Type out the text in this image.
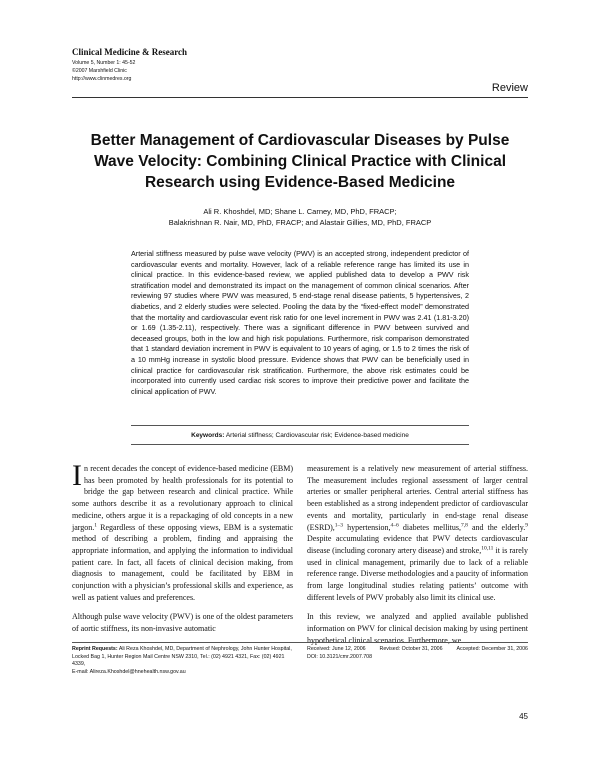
Clinical Medicine & Research
Volume 5, Number 1: 45-52
©2007 Marshfield Clinic
http://www.clinmedres.org
Review
Better Management of Cardiovascular Diseases by Pulse Wave Velocity: Combining Clinical Practice with Clinical Research using Evidence-Based Medicine
Ali R. Khoshdel, MD; Shane L. Carney, MD, PhD, FRACP;
Balakrishnan R. Nair, MD, PhD, FRACP; and Alastair Gillies, MD, PhD, FRACP
Arterial stiffness measured by pulse wave velocity (PWV) is an accepted strong, independent predictor of cardiovascular events and mortality. However, lack of a reliable reference range has limited its use in clinical practice. In this evidence-based review, we applied published data to develop a PWV risk stratification model and demonstrated its impact on the management of common clinical scenarios. After reviewing 97 studies where PWV was measured, 5 end-stage renal disease patients, 5 hypertensives, 2 diabetics, and 2 elderly studies were selected. Pooling the data by the “fixed-effect model” demonstrated that the mortality and cardiovascular event risk ratio for one level increment in PWV was 2.41 (1.81-3.20) or 1.69 (1.35-2.11), respectively. There was a significant difference in PWV between survived and deceased groups, both in the low and high risk populations. Furthermore, risk comparison demonstrated that 1 standard deviation increment in PWV is equivalent to 10 years of aging, or 1.5 to 2 times the risk of a 10 mmHg increase in systolic blood pressure. Evidence shows that PWV can be beneficially used in clinical practice for cardiovascular risk stratification. Furthermore, the above risk estimates could be incorporated into currently used cardiac risk scores to improve their predictive power and facilitate the clinical application of PWV.
Keywords: Arterial stiffness; Cardiovascular risk; Evidence-based medicine
In recent decades the concept of evidence-based medicine (EBM) has been promoted by health professionals for its potential to bridge the gap between research and clinical practice. While some authors describe it as a revolutionary approach to clinical medicine, others argue it is a repackaging of old concepts in a new jargon.$^1$ Regardless of these opposing views, EBM is a systematic method of describing a problem, finding and appraising the appropriate information, and applying the information to individual patient care. In fact, all facets of clinical decision making, from diagnosis to management, could be facilitated by EBM in conjunction with a physician’s professional skills and experience, as well as patient values and preferences.
Although pulse wave velocity (PWV) is one of the oldest parameters of aortic stiffness, its non-invasive automatic
measurement is a relatively new measurement of arterial stiffness. The measurement includes regional assessment of larger central arteries or smaller peripheral arteries. Central arterial stiffness has been established as a strong independent predictor of cardiovascular events and mortality, particularly in end-stage renal disease (ESRD),$^{1-3}$ hypertension,$^{4-6}$ diabetes mellitus,$^{7,8}$ and the elderly.$^9$ Despite accumulating evidence that PWV detects cardiovascular disease (including coronary artery disease) and stroke,$^{10,11}$ it is rarely used in clinical management, primarily due to lack of a reliable reference range. Diverse methodologies and a paucity of information from large longitudinal studies relating patients’ outcome with different levels of PWV probably also limit its clinical use.
In this review, we analyzed and applied available published information on PWV for clinical decision making by using pertinent hypothetical clinical scenarios. Furthermore, we
Reprint Requests: Ali Reza Khoshdel, MD, Department of Nephrology, John Hunter Hospital, Locked Bag 1, Hunter Region Mail Centre NSW 2310, Tel.: (02) 4921 4321, Fax: (02) 4921 4339,
E-mail: Alireza.Khoshdel@hnehealth.nsw.gov.au
Received: June 12, 2006	Revised: October 31, 2006	Accepted: December 31, 2006
DOI: 10.3121/cmr.2007.708
45
